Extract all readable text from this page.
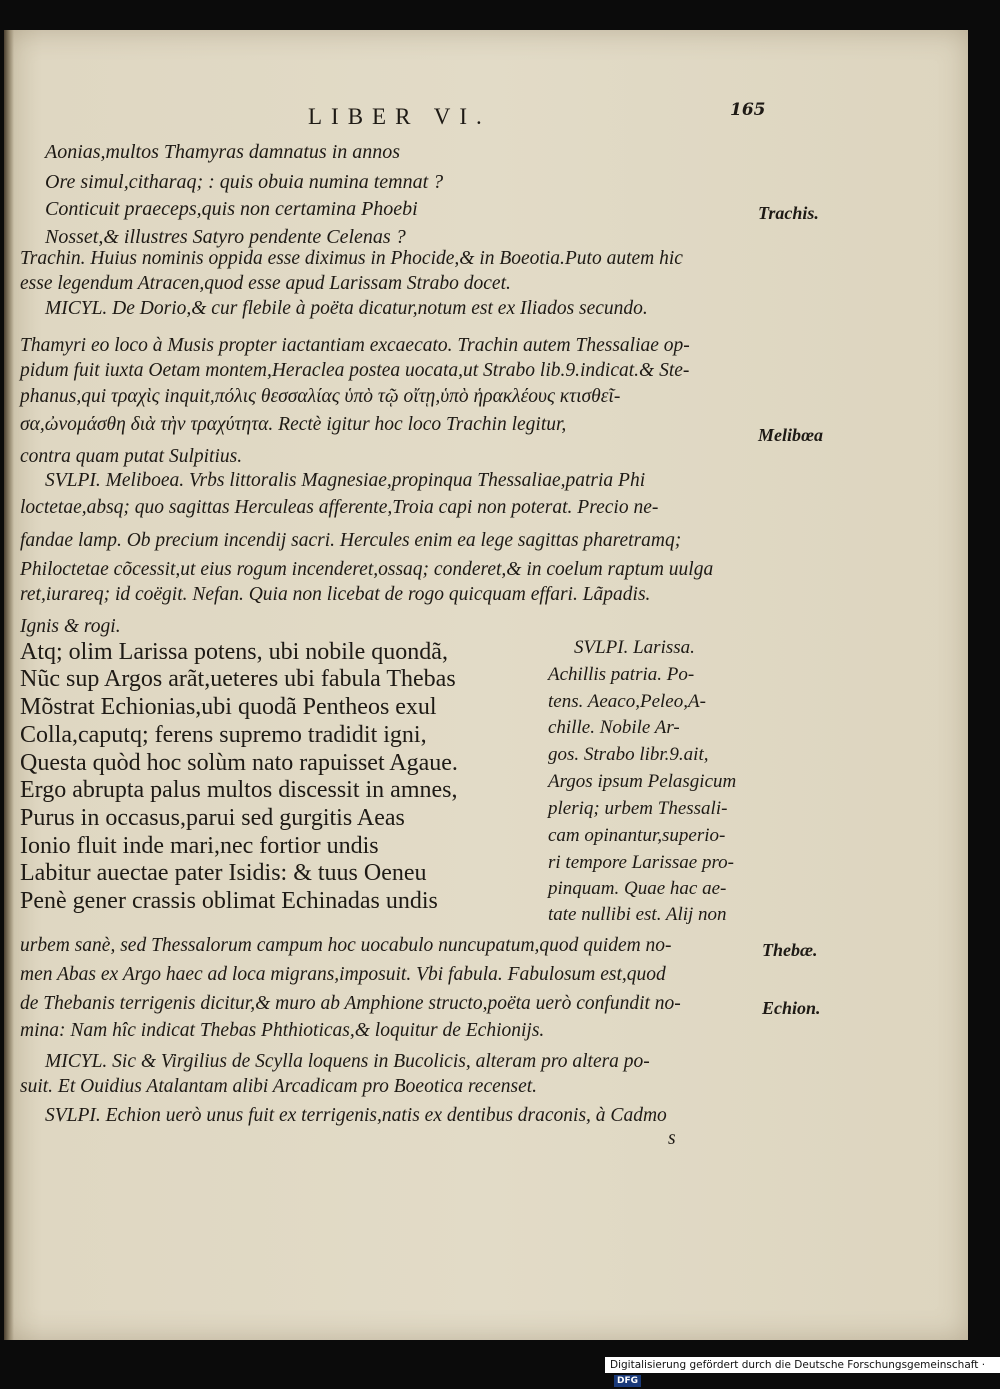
LIBER VI.	165
Aonias,multos Thamyras damnatus in annos
Ore simul,citharaq; : quis obuia numina temnat ?
Conticuit praeceps,quis non certamina Phoebi
Nosset,& illustres Satyro pendente Celenas ?
Trachin. Huius nominis oppida esse diximus in Phocide,& in Boeotia.Puto autem hic
esse legendum Atracen,quod esse apud Larissam Strabo docet.
MICYL. De Dorio,& cur flebile à poëta dicatur,notum est ex Iliados secundo.
Thamyri eo loco à Musis propter iactantiam excaecato. Trachin autem Thessaliae op-
pidum fuit iuxta Oetam montem,Heraclea postea uocata,ut Strabo lib.9.indicat.& Ste-
phanus,qui τραχὶς inquit,πόλις θεσσαλίας ὑπὸ τῷ οἴτῃ,ὑπὸ ἡρακλέους κτισθεῖ-
σα,ὠνομάσθη διὰ τὴν τραχύτητα. Rectè igitur hoc loco Trachin legitur,
contra quam putat Sulpitius.
SVLPI. Meliboea. Vrbs littoralis Magnesiae,propinqua Thessaliae,patria Phi
loctetae,absq; quo sagittas Herculeas afferente,Troia capi non poterat. Precio ne-
fandae lamp. Ob precium incendij sacri. Hercules enim ea lege sagittas pharetramq;
Philoctetae cõcessit,ut eius rogum incenderet,ossaq; conderet,& in coelum raptum uulga
ret,iurareq; id coëgit. Nefan. Quia non licebat de rogo quicquam effari. Lãpadis.
Ignis & rogi.
Atq; olim Larissa potens, ubi nobile quondã,
Nũc sup Argos arãt,ueteres ubi fabula Thebas
Mõstrat Echionias,ubi quodã Pentheos exul
Colla,caputq; ferens supremo tradidit igni,
Questa quòd hoc solùm nato rapuisset Agaue.
Ergo abrupta palus multos discessit in amnes,
Purus in occasus,parui sed gurgitis Aeas
Ionio fluit inde mari,nec fortior undis
Labitur auectae pater Isidis: & tuus Oeneu
Penè gener crassis oblimat Echinadas undis
SVLPI. Larissa.
Achillis patria. Po-
tens. Aeaco,Peleo,A-
chille. Nobile Ar-
gos. Strabo libr.9.ait,
Argos ipsum Pelasgicum
pleriq; urbem Thessali-
cam opinantur,superio-
ri tempore Larissae pro-
pinquam. Quae hac ae-
tate nullibi est. Alij non
urbem sanè, sed Thessalorum campum hoc uocabulo nuncupatum,quod quidem no-
men Abas ex Argo haec ad loca migrans,imposuit. Vbi fabula. Fabulosum est,quod
de Thebanis terrigenis dicitur,& muro ab Amphione structo,poëta uerò confundit no-
mina: Nam hîc indicat Thebas Phthioticas,& loquitur de Echionijs.
MICYL. Sic & Virgilius de Scylla loquens in Bucolicis, alteram pro altera po-
suit. Et Ouidius Atalantam alibi Arcadicam pro Boeotica recenset.
SVLPI. Echion uerò unus fuit ex terrigenis,natis ex dentibus draconis, à Cadmo
s
Trachis.
Melibœa
Thebæ.
Echion.
Digitalisierung gefördert durch die Deutsche Forschungsgemeinschaft ·DFG
